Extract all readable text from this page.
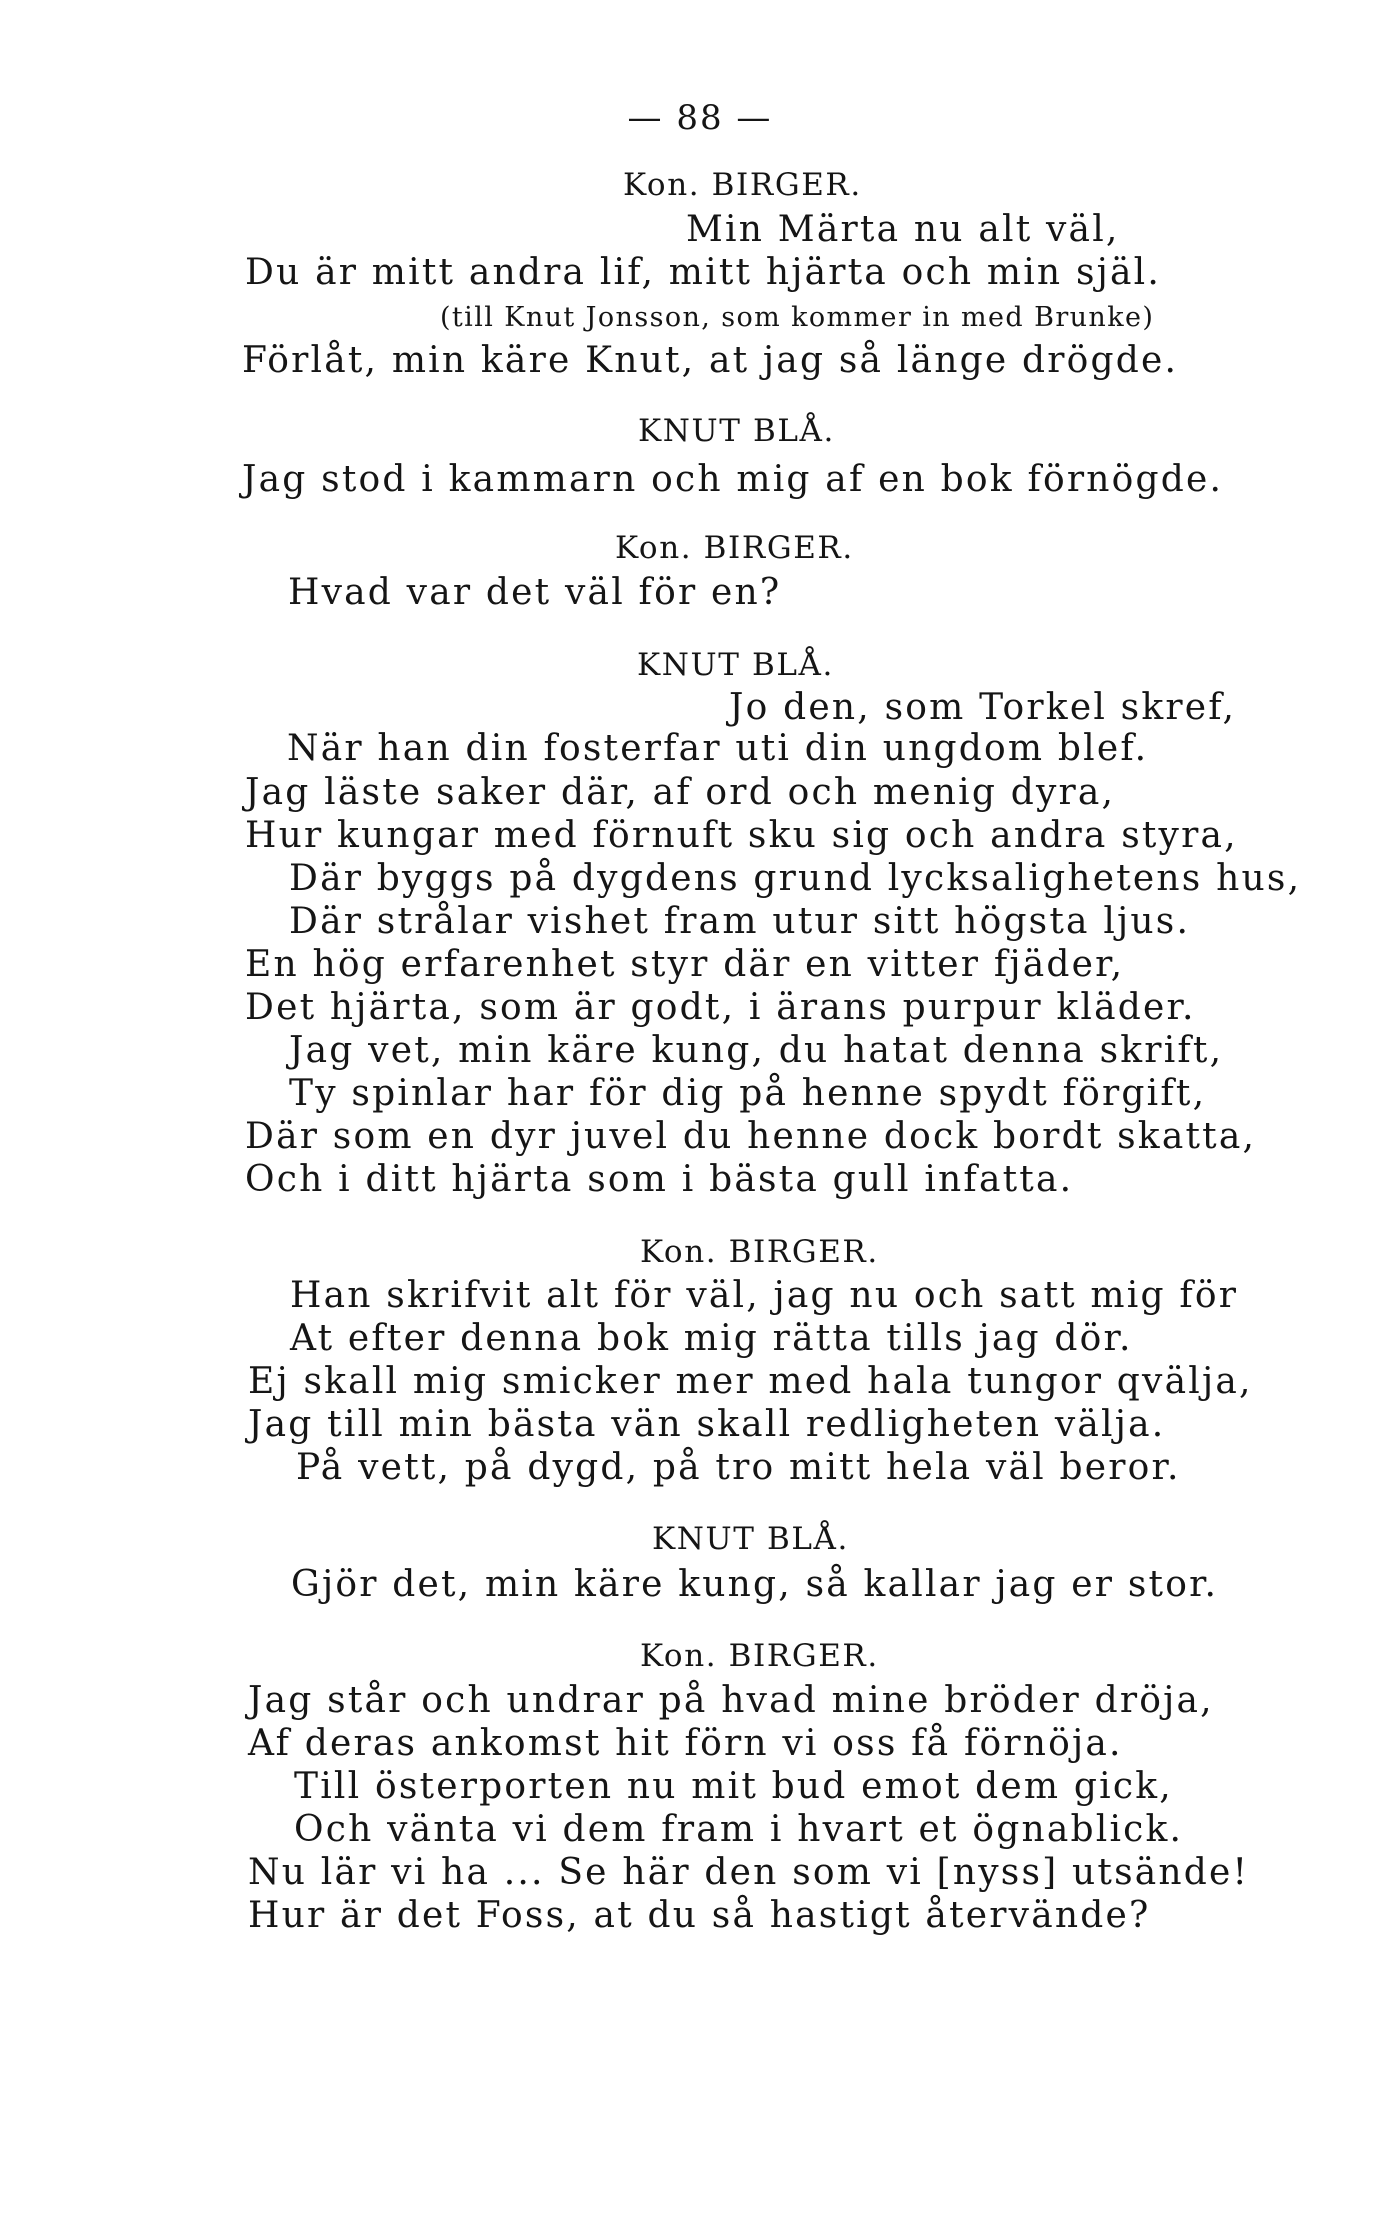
— 88 —
Kon. BIRGER.
Min Märta nu alt väl,
Du är mitt andra lif, mitt hjärta och min själ.
(till Knut Jonsson, som kommer in med Brunke)
Förlåt, min käre Knut, at jag så länge drögde.
KNUT BLÅ.
Jag stod i kammarn och mig af en bok förnögde.
Kon. BIRGER.
Hvad var det väl för en?
KNUT BLÅ.
Jo den, som Torkel skref,
När han din fosterfar uti din ungdom blef.
Jag läste saker där, af ord och menig dyra,
Hur kungar med förnuft sku sig och andra styra,
Där byggs på dygdens grund lycksalighetens hus,
Där strålar vishet fram utur sitt högsta ljus.
En hög erfarenhet styr där en vitter fjäder,
Det hjärta, som är godt, i ärans purpur kläder.
Jag vet, min käre kung, du hatat denna skrift,
Ty spinlar har för dig på henne spydt förgift,
Där som en dyr juvel du henne dock bordt skatta,
Och i ditt hjärta som i bästa gull infatta.
Kon. BIRGER.
Han skrifvit alt för väl, jag nu och satt mig för
At efter denna bok mig rätta tills jag dör.
Ej skall mig smicker mer med hala tungor qvälja,
Jag till min bästa vän skall redligheten välja.
På vett, på dygd, på tro mitt hela väl beror.
KNUT BLÅ.
Gjör det, min käre kung, så kallar jag er stor.
Kon. BIRGER.
Jag står och undrar på hvad mine bröder dröja,
Af deras ankomst hit förn vi oss få förnöja.
Till österporten nu mit bud emot dem gick,
Och vänta vi dem fram i hvart et ögnablick.
Nu lär vi ha ... Se här den som vi [nyss] utsände!
Hur är det Foss, at du så hastigt återvände?
